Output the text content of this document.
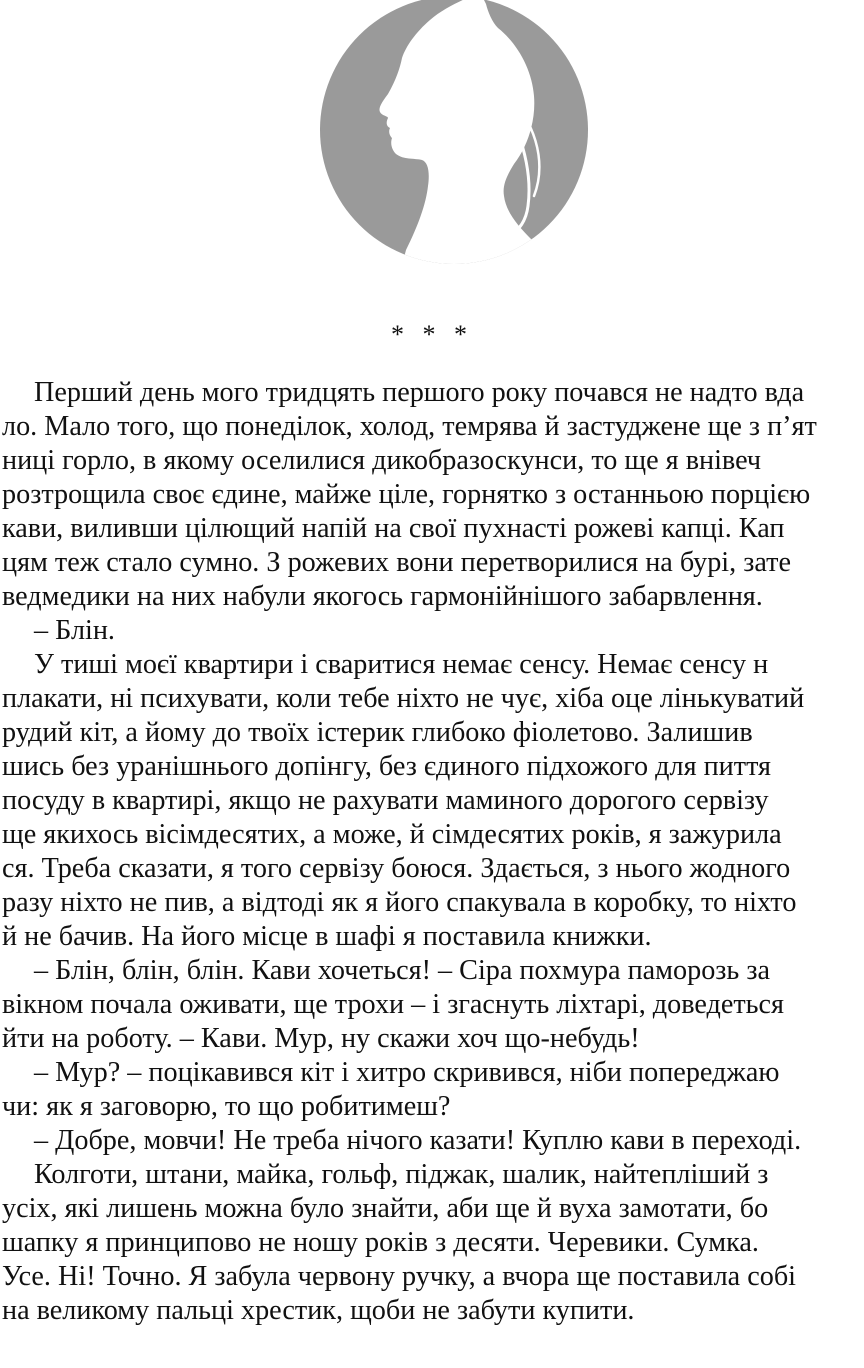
* * *
Перший день мого тридцять першого року почався не надто вда
ло. Мало того, що понеділок, холод, темрява й застуджене ще з п’ят
ниці горло, в якому оселилися дикобразоскунси, то ще я внівеч
розтрощила своє єдине, майже ціле, горнятко з останньою порцією
кави, виливши цілющий напій на свої пухнасті рожеві капці. Кап
цям теж стало сумно. З рожевих вони перетворилися на бурі, зате
ведмедики на них набули якогось гармонійнішого забарвлення.
– Блін.
У тиші моєї квартири і сваритися немає сенсу. Немає сенсу н
плакати, ні психувати, коли тебе ніхто не чує, хіба оце лінькуватий
рудий кіт, а йому до твоїх істерик глибоко фіолетово. Залишив
шись без уранішнього допінгу, без єдиного підхожого для пиття
посуду в квартирі, якщо не рахувати маминого дорогого сервізу
ще якихось вісімдесятих, а може, й сімдесятих років, я зажурила
ся. Треба сказати, я того сервізу боюся. Здається, з нього жодного
разу ніхто не пив, а відтоді як я його спакувала в коробку, то ніхто
й не бачив. На його місце в шафі я поставила книжки.
– Блін, блін, блін. Кави хочеться! – Сіра похмура паморозь за
вікном почала оживати, ще трохи – і згаснуть ліхтарі, доведеться
йти на роботу. – Кави. Мур, ну скажи хоч що-небудь!
– Мур? – поцікавився кіт і хитро скривився, ніби попереджаю
чи: як я заговорю, то що робитимеш?
– Добре, мовчи! Не треба нічого казати! Куплю кави в переході.
Колготи, штани, майка, гольф, піджак, шалик, найтепліший з
усіх, які лишень можна було знайти, аби ще й вуха замотати, бо
шапку я принципово не ношу років з десяти. Черевики. Сумка.
Усе. Ні! Точно. Я забула червону ручку, а вчора ще поставила собі
на великому пальці хрестик, щоби не забути купити.
